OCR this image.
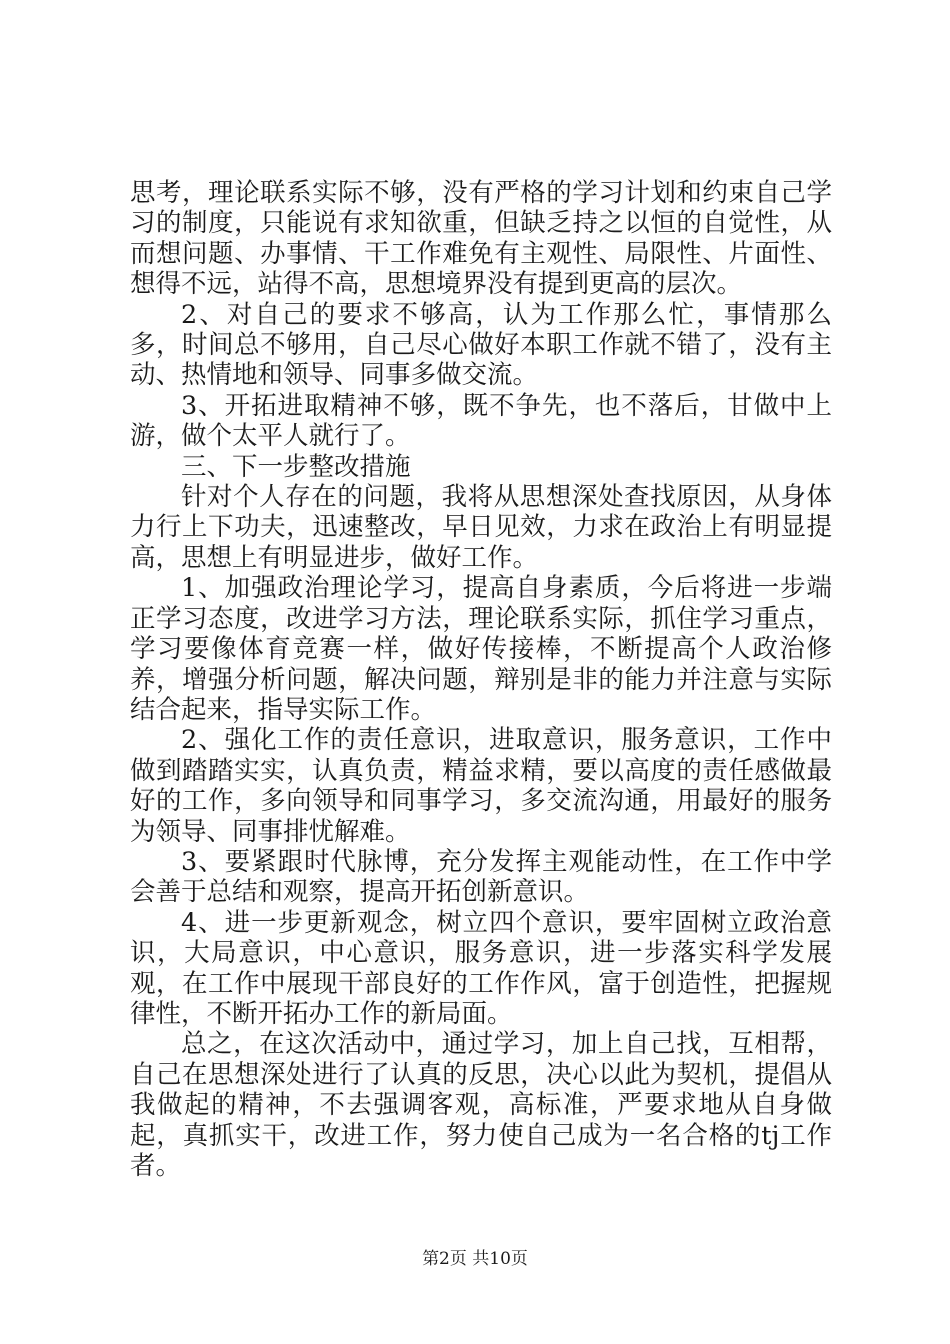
思考，理论联系实际不够，没有严格的学习计划和约束自己学习的制度，只能说有求知欲重，但缺乏持之以恒的自觉性，从而想问题、办事情、干工作难免有主观性、局限性、片面性、想得不远，站得不高，思想境界没有提到更高的层次。

2、对自己的要求不够高，认为工作那么忙，事情那么多，时间总不够用，自己尽心做好本职工作就不错了，没有主动、热情地和领导、同事多做交流。

3、开拓进取精神不够，既不争先，也不落后，甘做中上游，做个太平人就行了。

三、下一步整改措施

针对个人存在的问题，我将从思想深处查找原因，从身体力行上下功夫，迅速整改，早日见效，力求在政治上有明显提高，思想上有明显进步，做好工作。

1、加强政治理论学习，提高自身素质，今后将进一步端正学习态度，改进学习方法，理论联系实际，抓住学习重点，学习要像体育竞赛一样，做好传接棒，不断提高个人政治修养，增强分析问题，解决问题，辩别是非的能力并注意与实际结合起来，指导实际工作。

2、强化工作的责任意识，进取意识，服务意识，工作中做到踏踏实实，认真负责，精益求精，要以高度的责任感做最好的工作，多向领导和同事学习，多交流沟通，用最好的服务为领导、同事排忧解难。

3、要紧跟时代脉博，充分发挥主观能动性，在工作中学会善于总结和观察，提高开拓创新意识。

4、进一步更新观念，树立四个意识，要牢固树立政治意识，大局意识，中心意识，服务意识，进一步落实科学发展观，在工作中展现干部良好的工作作风，富于创造性，把握规律性，不断开拓办工作的新局面。

总之，在这次活动中，通过学习，加上自己找，互相帮，自己在思想深处进行了认真的反思，决心以此为契机，提倡从我做起的精神，不去强调客观，高标准，严要求地从自身做起，真抓实干，改进工作，努力使自己成为一名合格的tj工作者。

第2页 共10页
